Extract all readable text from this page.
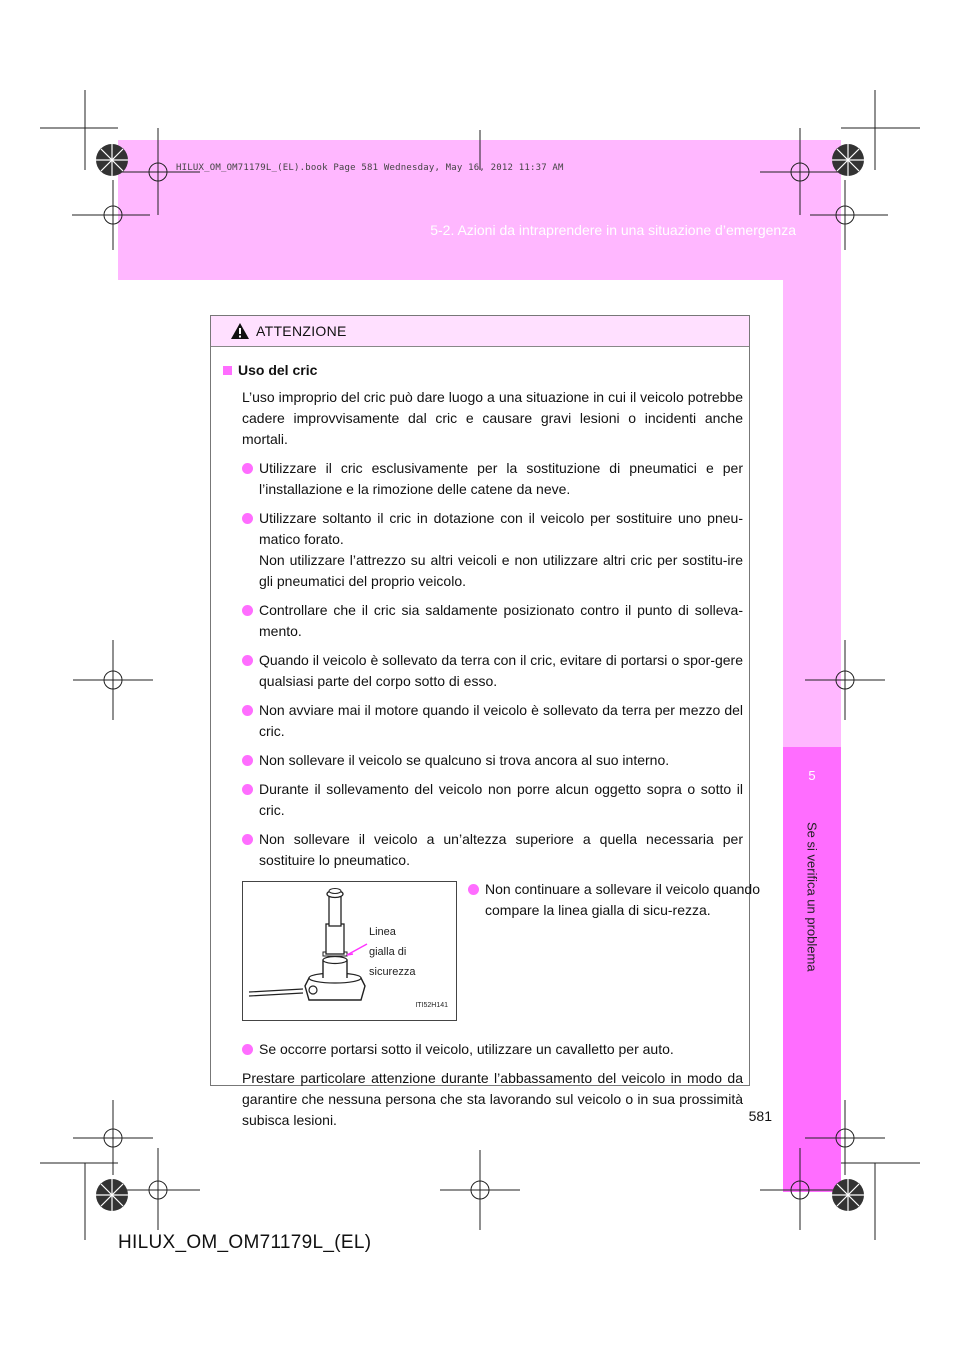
HILUX_OM_OM71179L_(EL).book Page 581 Wednesday, May 16, 2012 11:37 AM
5-2. Azioni da intraprendere in una situazione d’emergenza
5
Se si verifica un problema
ATTENZIONE
Uso del cric

L’uso improprio del cric può dare luogo a una situazione in cui il veicolo potrebbe cadere improvvisamente dal cric e causare gravi lesioni o incidenti anche mortali.

Utilizzare il cric esclusivamente per la sostituzione di pneumatici e per l’installazione e la rimozione delle catene da neve.
Utilizzare soltanto il cric in dotazione con il veicolo per sostituire uno pneu-matico forato.
Non utilizzare l’attrezzo su altri veicoli e non utilizzare altri cric per sostitu-ire gli pneumatici del proprio veicolo.
Controllare che il cric sia saldamente posizionato contro il punto di solleva-mento.
Quando il veicolo è sollevato da terra con il cric, evitare di portarsi o spor-gere qualsiasi parte del corpo sotto di esso.
Non avviare mai il motore quando il veicolo è sollevato da terra per mezzo del cric.
Non sollevare il veicolo se qualcuno si trova ancora al suo interno.
Durante il sollevamento del veicolo non porre alcun oggetto sopra o sotto il cric.
Non sollevare il veicolo a un’altezza superiore a quella necessaria per sostituire lo pneumatico.
Linea
gialla di
sicurezza
ITI52H141
Non continuare a sollevare il veicolo quando compare la linea gialla di sicu-rezza.
Se occorre portarsi sotto il veicolo, utilizzare un cavalletto per auto.

Prestare particolare attenzione durante l’abbassamento del veicolo in modo da garantire che nessuna persona che sta lavorando sul veicolo o in sua prossimità subisca lesioni.	581
HILUX_OM_OM71179L_(EL)
